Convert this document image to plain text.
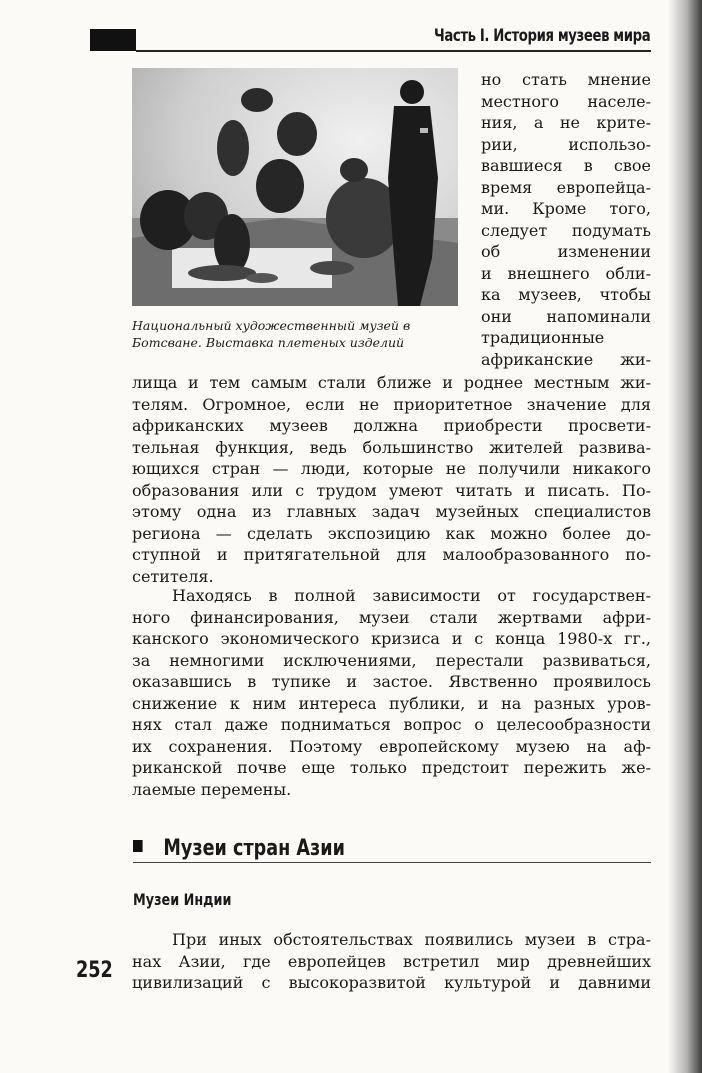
Часть I. История музеев мира
Национальный художественный музей в
Ботсване. Выставка плетеных изделий
но стать мнение
местного населе-
ния, а не крите-
рии, использо-
вавшиеся в свое
время европейца-
ми. Кроме того,
следует подумать
об изменении
и внешнего обли-
ка музеев, чтобы
они напоминали
традиционные
африканские жи-
лища и тем самым стали ближе и роднее местным жи-
телям. Огромное, если не приоритетное значение для
африканских музеев должна приобрести просвети-
тельная функция, ведь большинство жителей развива-
ющихся стран — люди, которые не получили никакого
образования или с трудом умеют читать и писать. По-
этому одна из главных задач музейных специалистов
региона — сделать экспозицию как можно более до-
ступной и притягательной для малообразованного по-
сетителя.
Находясь в полной зависимости от государствен-
ного финансирования, музеи стали жертвами афри-
канского экономического кризиса и с конца 1980-х гг.,
за немногими исключениями, перестали развиваться,
оказавшись в тупике и застое. Явственно проявилось
снижение к ним интереса публики, и на разных уров-
нях стал даже подниматься вопрос о целесообразности
их сохранения. Поэтому европейскому музею на аф-
риканской почве еще только предстоит пережить же-
лаемые перемены.
Музеи стран Азии
Музеи Индии
При иных обстоятельствах появились музеи в стра-
нах Азии, где европейцев встретил мир древнейших
цивилизаций с высокоразвитой культурой и давними
252
